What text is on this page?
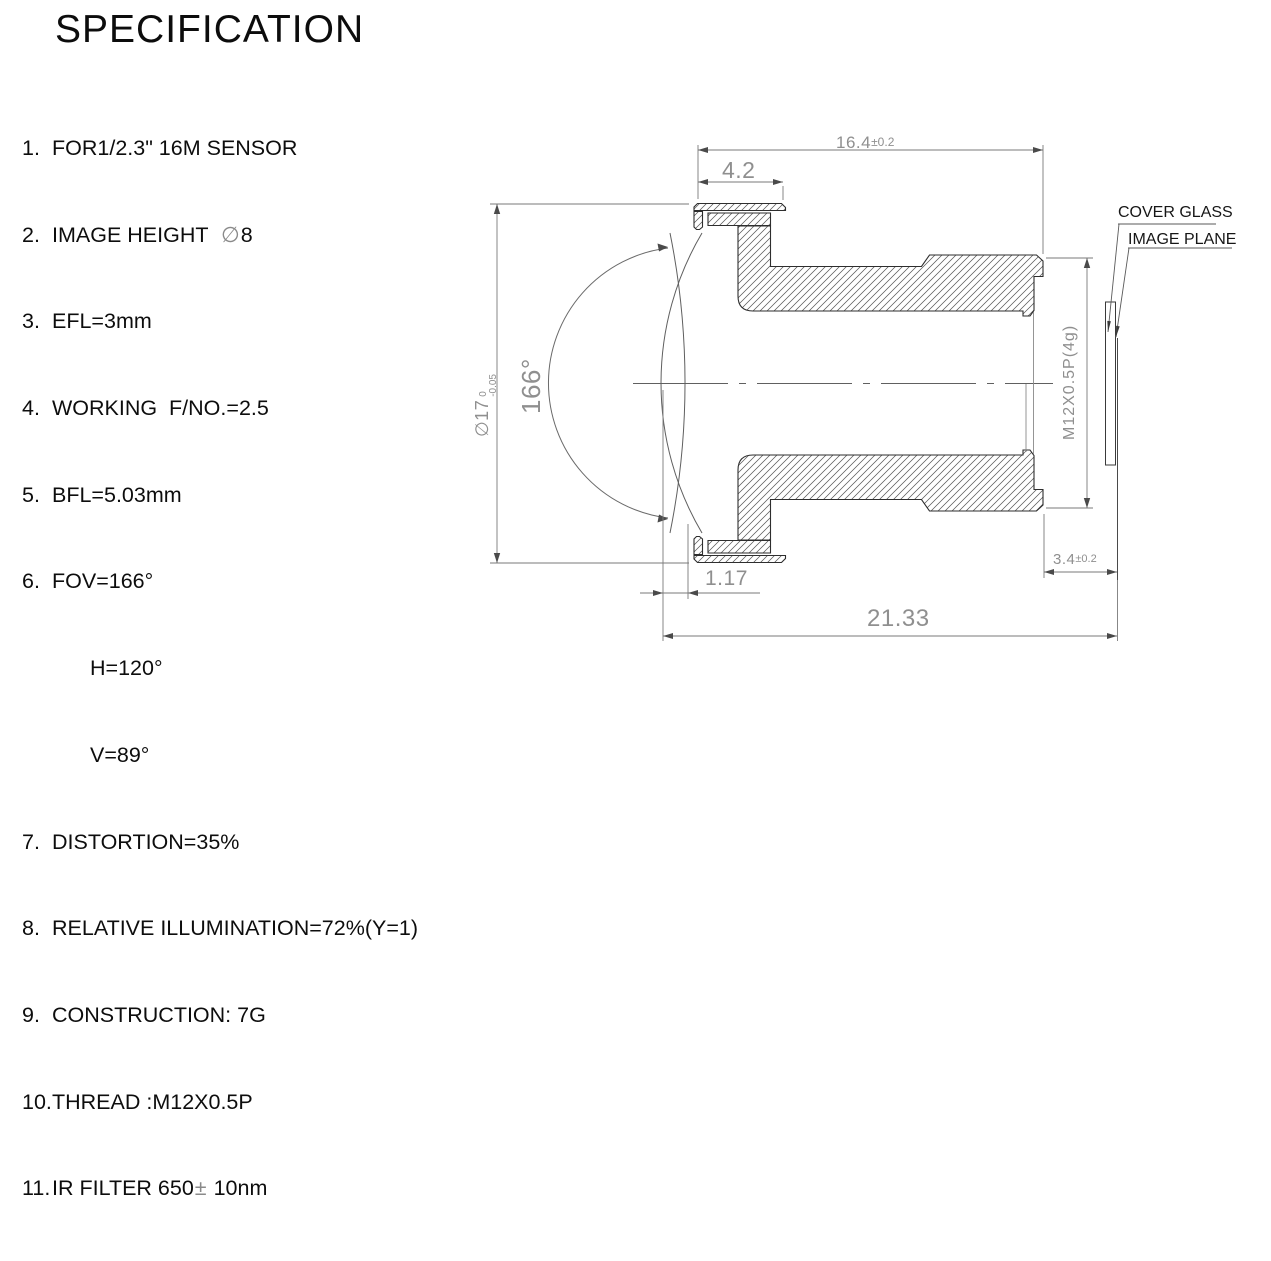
SPECIFICATION

1. FOR1/2.3" 16M SENSOR

2. IMAGE HEIGHT  ∅8

3. EFL=3mm

4. WORKING  F/NO.=2.5

5. BFL=5.03mm

6. FOV=166°

H=120°

V=89°

7. DISTORTION=35%

8. RELATIVE ILLUMINATION=72%(Y=1)

9. CONSTRUCTION: 7G

10.THREAD :M12X0.5P

11.IR FILTER 650± 10nm

16.4±0.2
4.2
∅17
0 -0.05 166°	M12X0.5P(4g)
3.4±0.2
1.17
21.33
COVER GLASS
IMAGE PLANE
